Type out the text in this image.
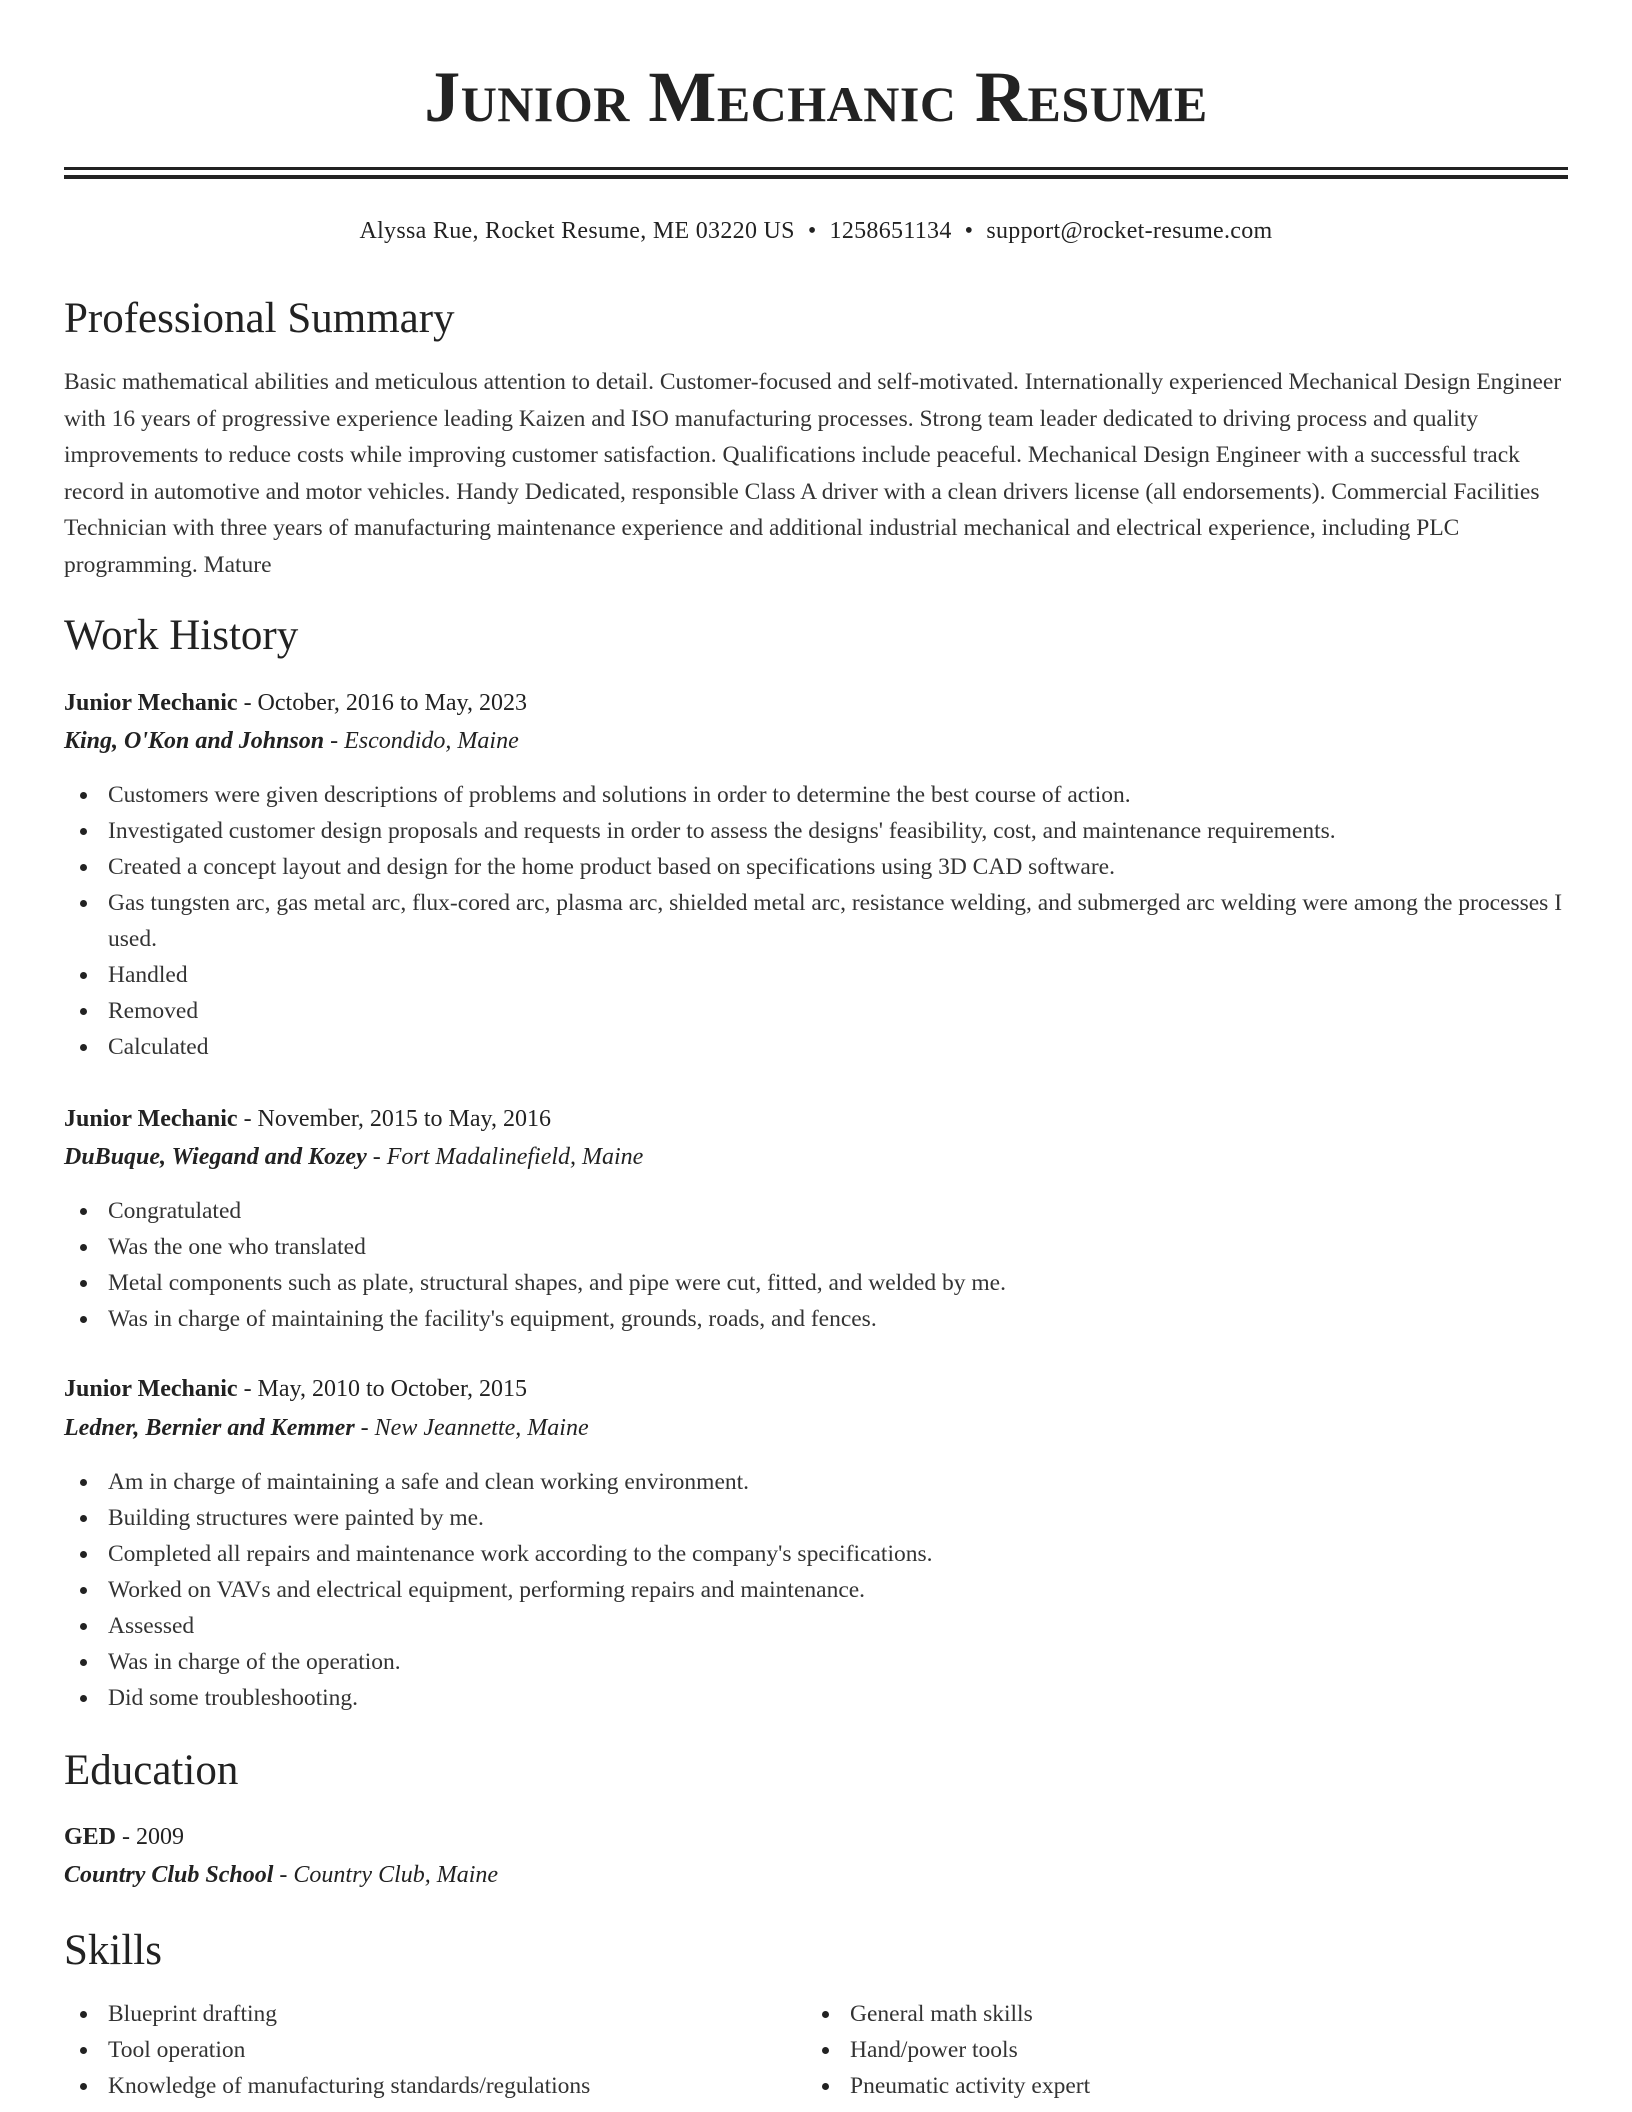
Junior Mechanic Resume
Alyssa Rue, Rocket Resume, ME 03220 US • 1258651134 • support@rocket-resume.com
Professional Summary

Basic mathematical abilities and meticulous attention to detail. Customer-focused and self-motivated. Internationally experienced Mechanical Design Engineer with 16 years of progressive experience leading Kaizen and ISO manufacturing processes. Strong team leader dedicated to driving process and quality improvements to reduce costs while improving customer satisfaction. Qualifications include peaceful. Mechanical Design Engineer with a successful track record in automotive and motor vehicles. Handy Dedicated, responsible Class A driver with a clean drivers license (all endorsements). Commercial Facilities Technician with three years of manufacturing maintenance experience and additional industrial mechanical and electrical experience, including PLC programming. Mature

Work History
Junior Mechanic - October, 2016 to May, 2023
King, O'Kon and Johnson - Escondido, Maine
Customers were given descriptions of problems and solutions in order to determine the best course of action.
Investigated customer design proposals and requests in order to assess the designs' feasibility, cost, and maintenance requirements.
Created a concept layout and design for the home product based on specifications using 3D CAD software.
Gas tungsten arc, gas metal arc, flux-cored arc, plasma arc, shielded metal arc, resistance welding, and submerged arc welding were among the processes I used.
Handled
Removed
Calculated
Junior Mechanic - November, 2015 to May, 2016
DuBuque, Wiegand and Kozey - Fort Madalinefield, Maine
Congratulated
Was the one who translated
Metal components such as plate, structural shapes, and pipe were cut, fitted, and welded by me.
Was in charge of maintaining the facility's equipment, grounds, roads, and fences.
Junior Mechanic - May, 2010 to October, 2015
Ledner, Bernier and Kemmer - New Jeannette, Maine
Am in charge of maintaining a safe and clean working environment.
Building structures were painted by me.
Completed all repairs and maintenance work according to the company's specifications.
Worked on VAVs and electrical equipment, performing repairs and maintenance.
Assessed
Was in charge of the operation.
Did some troubleshooting.
Education
GED - 2009
Country Club School - Country Club, Maine
Skills
Blueprint drafting
Tool operation
Knowledge of manufacturing standards/regulations
General math skills
Hand/power tools
Pneumatic activity expert
